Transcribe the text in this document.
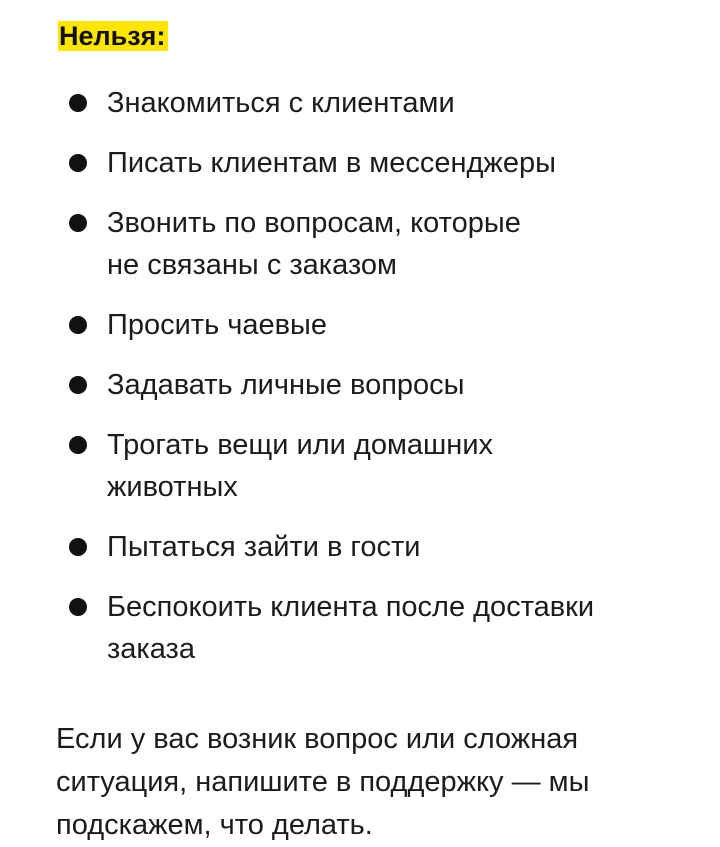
Нельзя:
Знакомиться с клиентами
Писать клиентам в мессенджеры
Звонить по вопросам, которые
не связаны с заказом
Просить чаевые
Задавать личные вопросы
Трогать вещи или домашних
животных
Пытаться зайти в гости
Беспокоить клиента после доставки
заказа

Если у вас возник вопрос или сложная ситуация, напишите в поддержку — мы подскажем, что делать.
